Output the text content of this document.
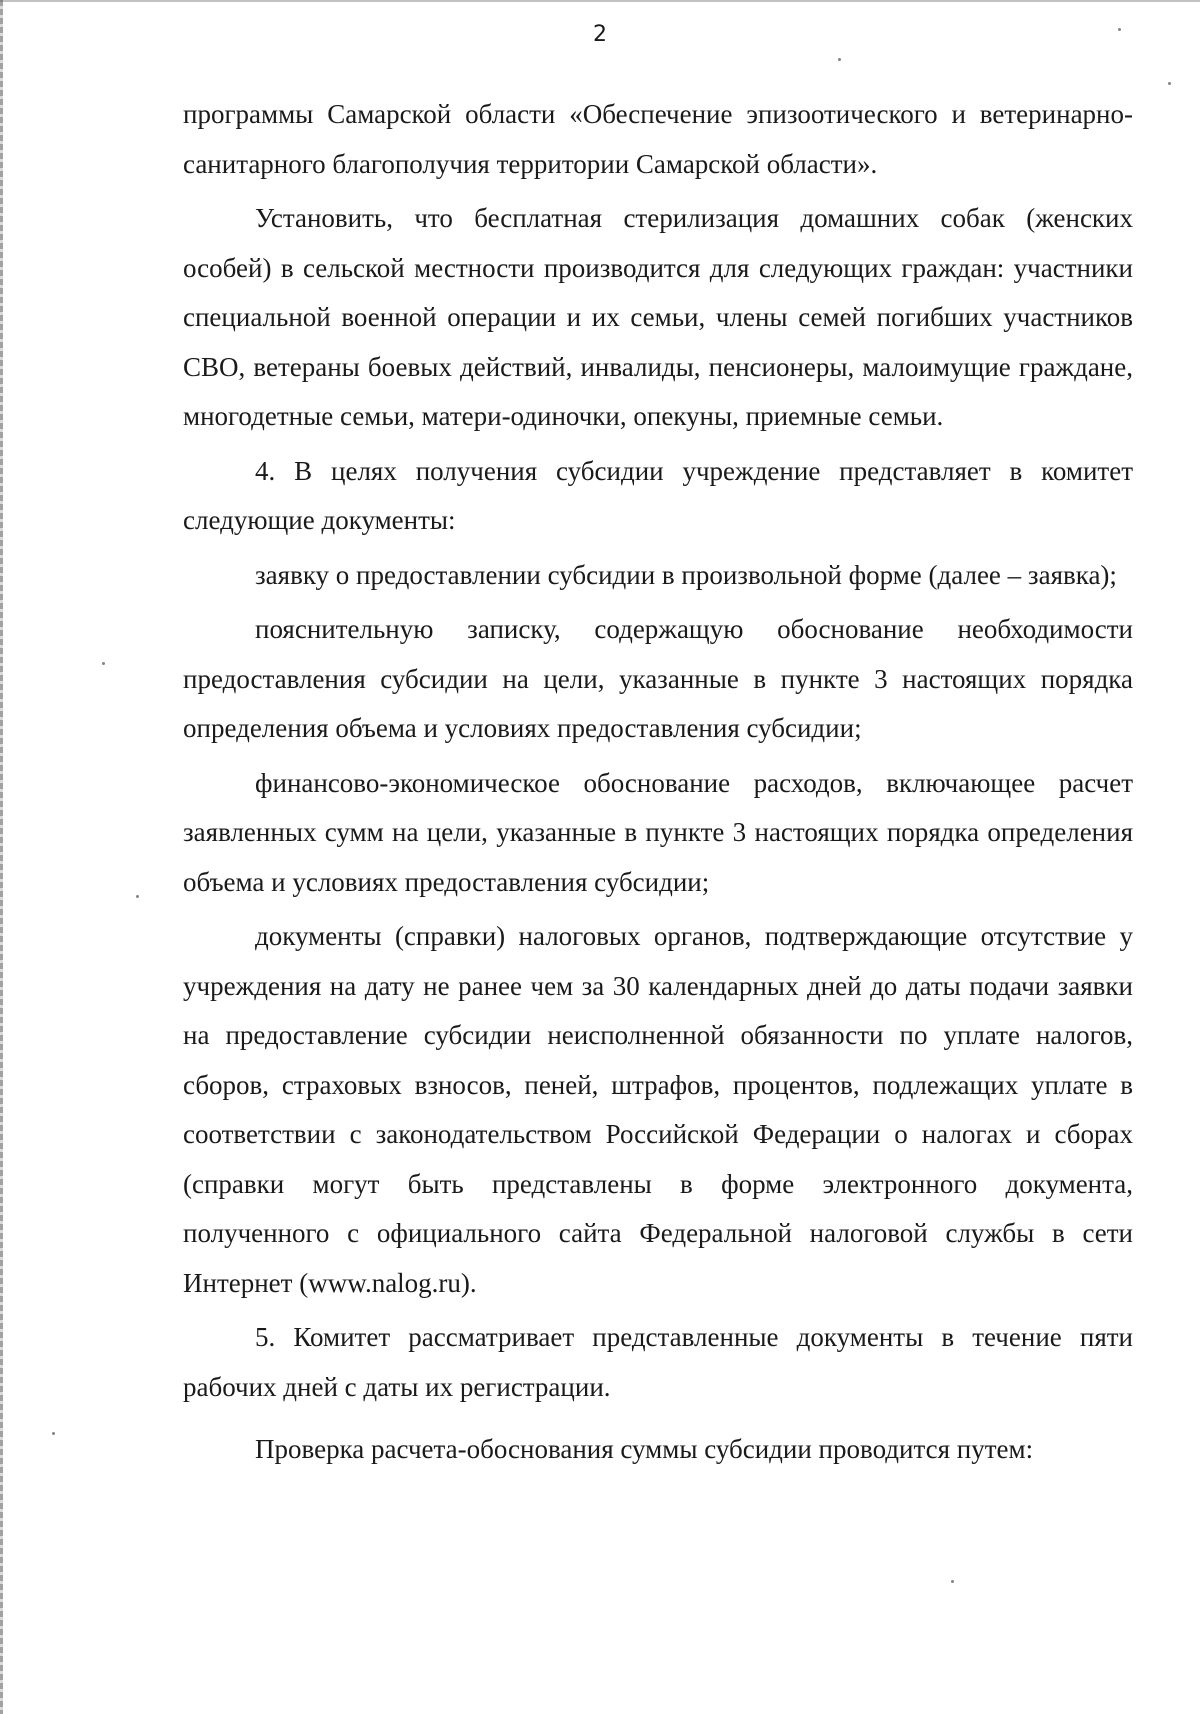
2

программы Самарской области «Обеспечение эпизоотического и ветеринарно-санитарного благополучия территории Самарской области».

Установить, что бесплатная стерилизация домашних собак (женских особей) в сельской местности производится для следующих граждан: участники специальной военной операции и их семьи, члены семей погибших участников СВО, ветераны боевых действий, инвалиды, пенсионеры, малоимущие граждане, многодетные семьи, матери-одиночки, опекуны, приемные семьи.

4. В целях получения субсидии учреждение представляет в комитет следующие документы:

заявку о предоставлении субсидии в произвольной форме (далее – заявка);

пояснительную записку, содержащую обоснование необходимости предоставления субсидии на цели, указанные в пункте 3 настоящих порядка определения объема и условиях предоставления субсидии;

финансово-экономическое обоснование расходов, включающее расчет заявленных сумм на цели, указанные в пункте 3 настоящих порядка определения объема и условиях предоставления субсидии;

документы (справки) налоговых органов, подтверждающие отсутствие у учреждения на дату не ранее чем за 30 календарных дней до даты подачи заявки на предоставление субсидии неисполненной обязанности по уплате налогов, сборов, страховых взносов, пеней, штрафов, процентов, подлежащих уплате в соответствии с законодательством Российской Федерации о налогах и сборах (справки могут быть представлены в форме электронного документа, полученного с официального сайта Федеральной налоговой службы в сети Интернет (www.nalog.ru).

5. Комитет рассматривает представленные документы в течение пяти рабочих дней с даты их регистрации.

Проверка расчета-обоснования суммы субсидии проводится путем:
